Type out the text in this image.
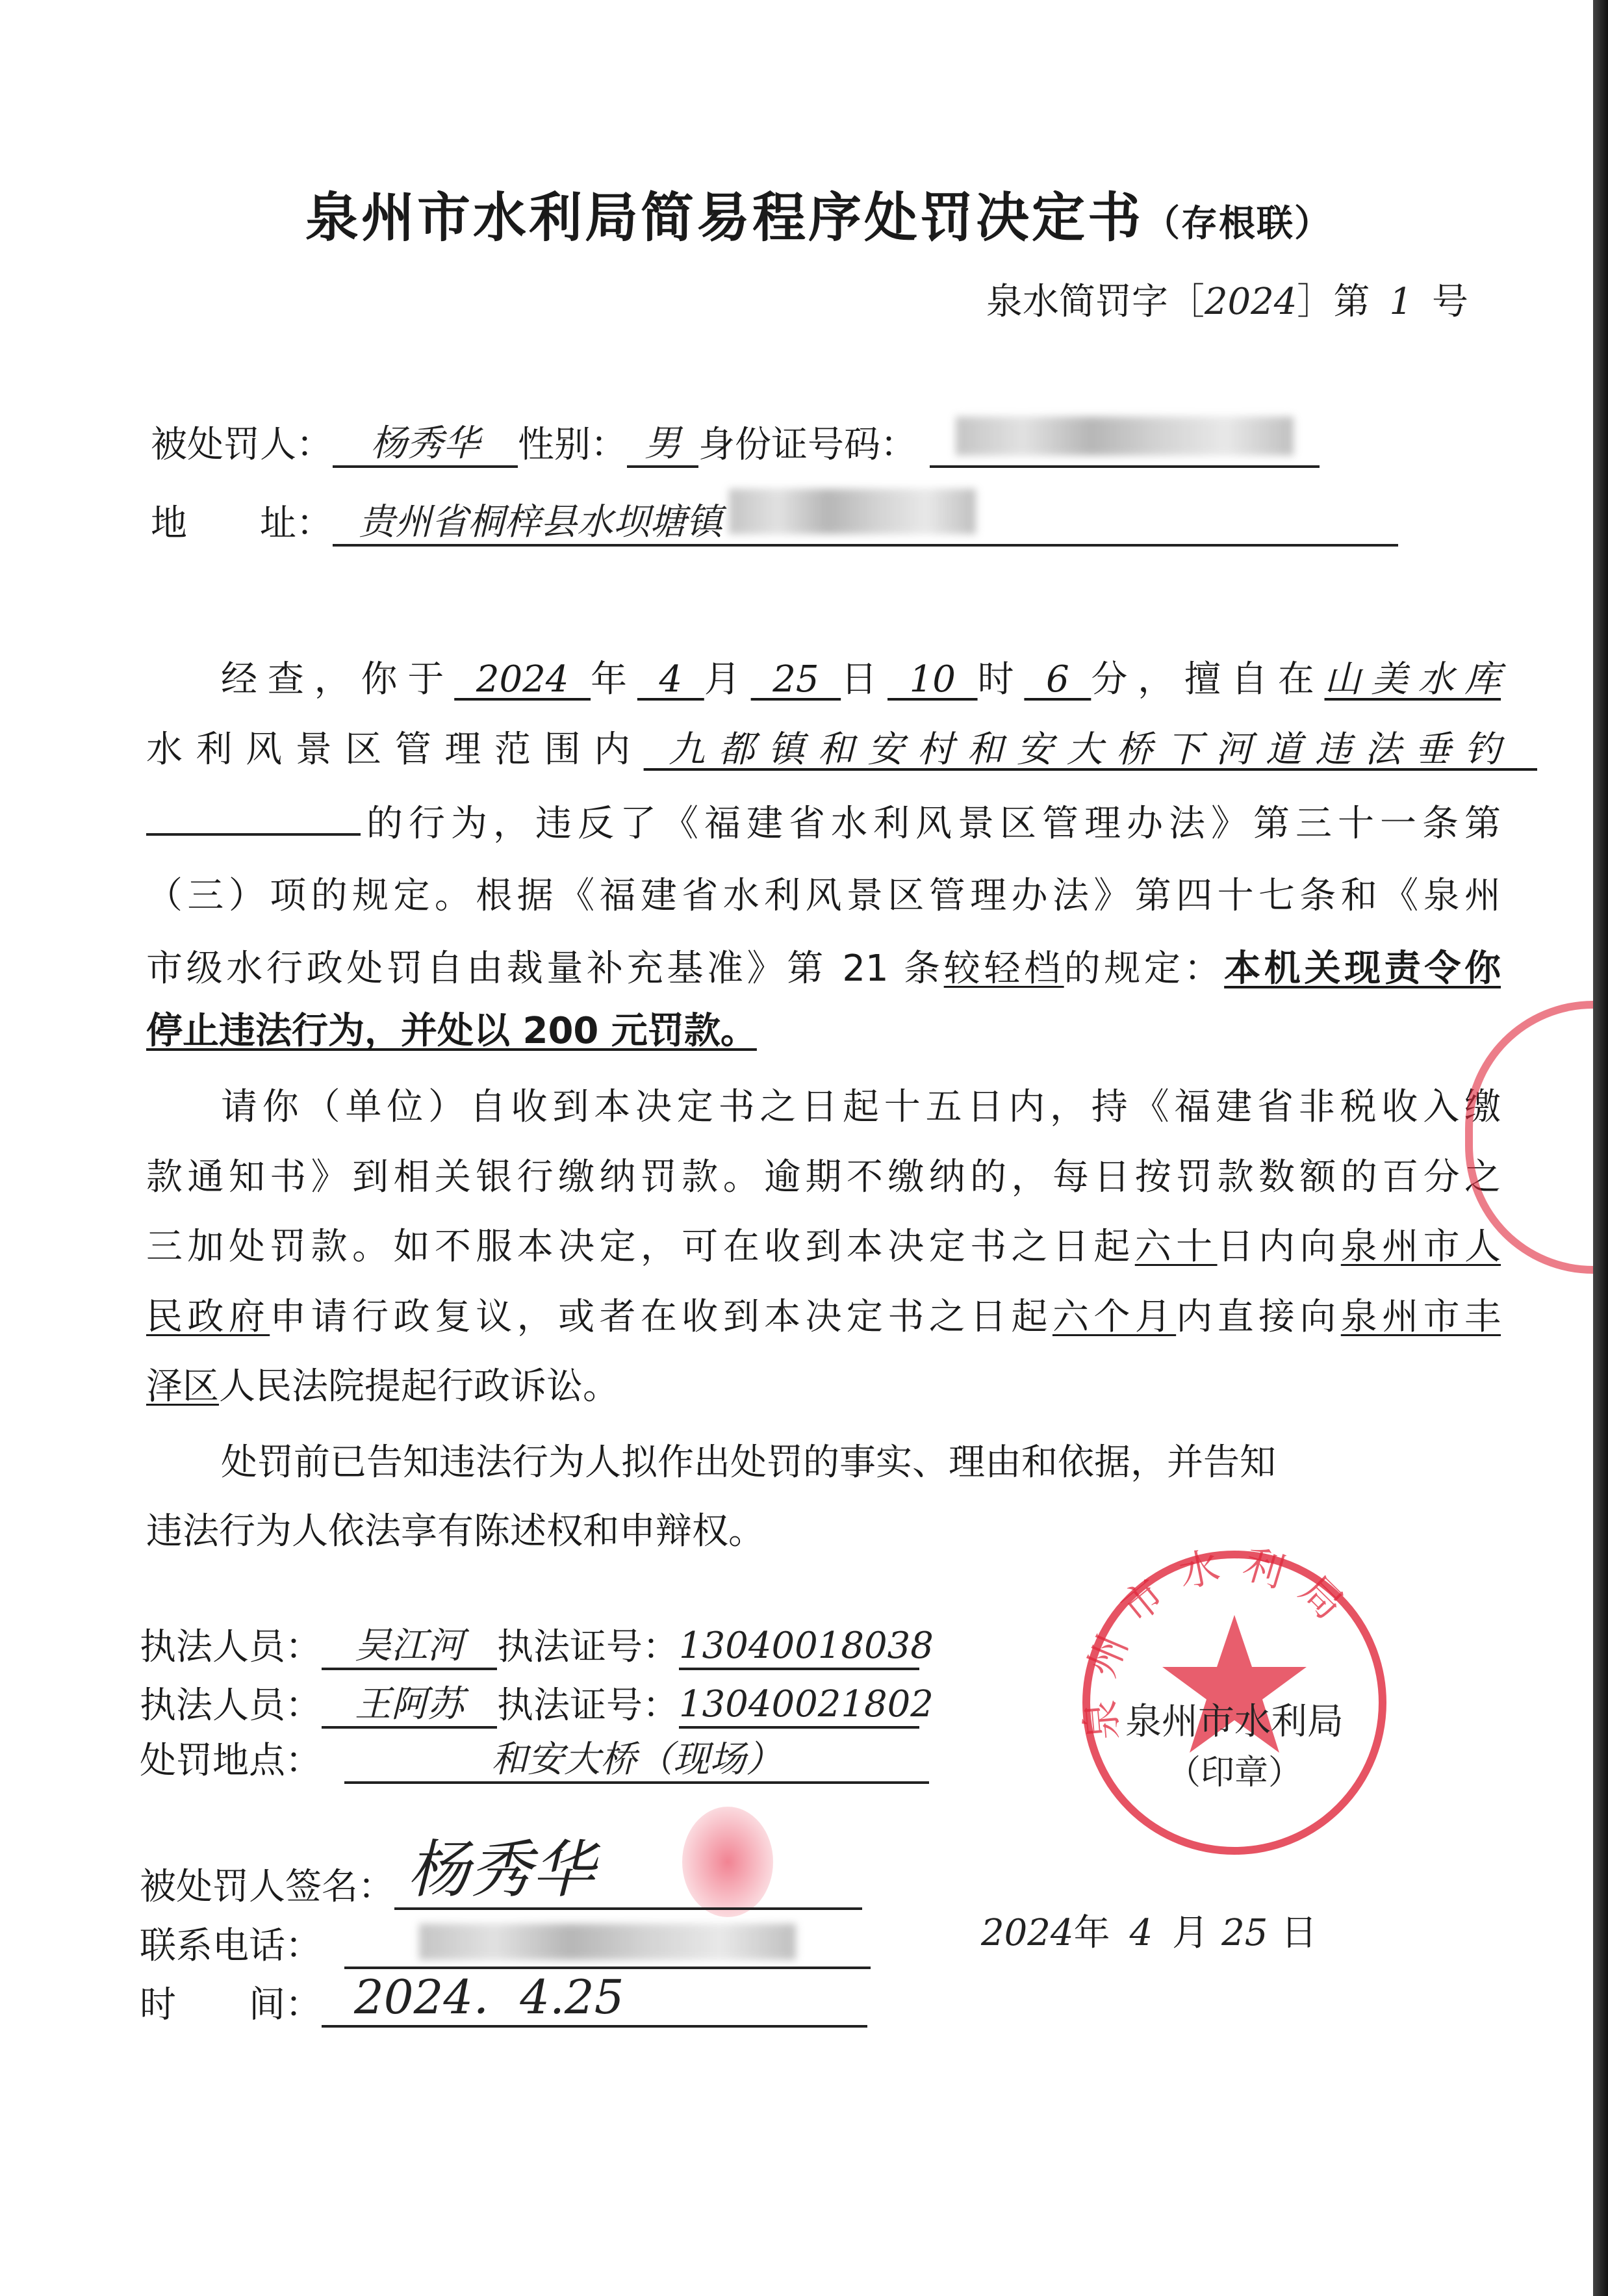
泉州市水利局简易程序处罚决定书（存根联）
泉水简罚字［2024］第 1 号
被处罚人： 杨秀华 性别： 男 身份证号码：
地　　址： 贵州省桐梓县水坝塘镇
经查，你于 2024 年 4 月 25 日 10 时 6 分，擅自在山美水库
水利风景区管理范围内 九都镇和安村和安大桥下河道违法垂钓　
的行为，违反了《福建省水利风景区管理办法》第三十一条第
（三）项的规定。根据《福建省水利风景区管理办法》第四十七条和《泉州
市级水行政处罚自由裁量补充基准》第 21 条较轻档的规定：本机关现责令你
停止违法行为，并处以 200 元罚款。
请你（单位）自收到本决定书之日起十五日内，持《福建省非税收入缴
款通知书》到相关银行缴纳罚款。逾期不缴纳的，每日按罚款数额的百分之
三加处罚款。如不服本决定，可在收到本决定书之日起六十日内向泉州市人
民政府申请行政复议，或者在收到本决定书之日起六个月内直接向泉州市丰
泽区人民法院提起行政诉讼。
处罚前已告知违法行为人拟作出处罚的事实、理由和依据，并告知
违法行为人依法享有陈述权和申辩权。
执法人员： 吴江河 执法证号：13040018038
执法人员： 王阿苏 执法证号：13040021802
处罚地点：	和安大桥（现场）
被处罚人签名： 杨秀华
联系电话：
时　　间： 2024．4.25
泉州市水利局
泉州市水利局
（印章）
2024年 4 月 25 日
